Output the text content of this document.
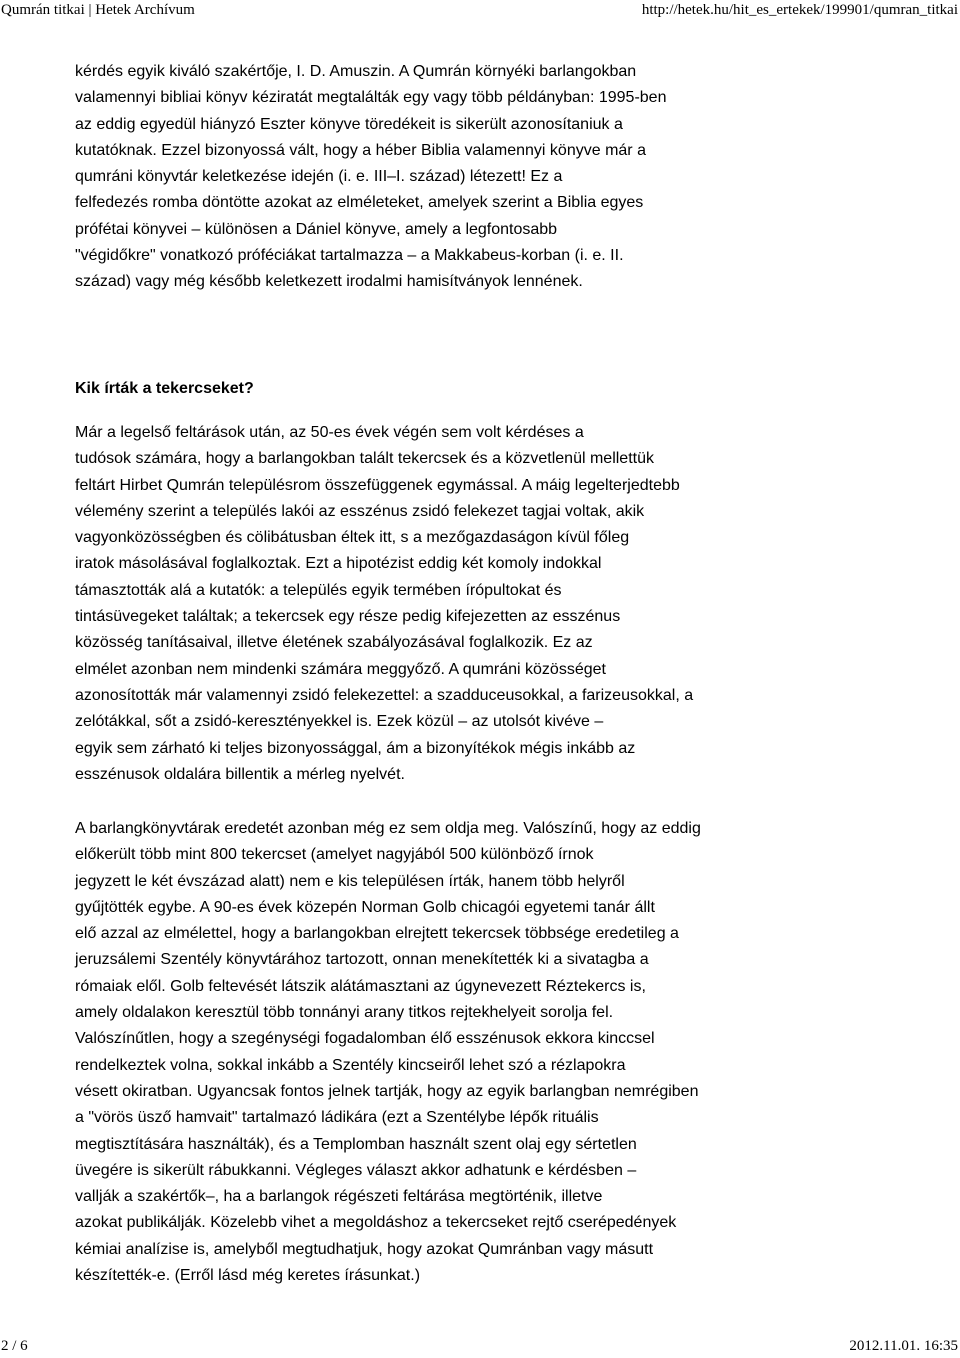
Qumrán titkai | Hetek Archívum	http://hetek.hu/hit_es_ertekek/199901/qumran_titkai
kérdés egyik kiváló szakértője, I. D. Amuszin. A Qumrán környéki barlangokban
valamennyi bibliai könyv kéziratát megtalálták egy vagy több példányban: 1995-ben
az eddig egyedül hiányzó Eszter könyve töredékeit is sikerült azonosítaniuk a
kutatóknak. Ezzel bizonyossá vált, hogy a héber Biblia valamennyi könyve már a
qumráni könyvtár keletkezése idején (i. e. III–I. század) létezett! Ez a
felfedezés romba döntötte azokat az elméleteket, amelyek szerint a Biblia egyes
prófétai könyvei – különösen a Dániel könyve, amely a legfontosabb
"végidőkre" vonatkozó próféciákat tartalmazza – a Makkabeus-korban (i. e. II.
század) vagy még később keletkezett irodalmi hamisítványok lennének.
Kik írták a tekercseket?
Már a legelső feltárások után, az 50-es évek végén sem volt kérdéses a
tudósok számára, hogy a barlangokban talált tekercsek és a közvetlenül mellettük
feltárt Hirbet Qumrán településrom összefüggenek egymással. A máig legelterjedtebb
vélemény szerint a település lakói az esszénus zsidó felekezet tagjai voltak, akik
vagyonközösségben és cölibátusban éltek itt, s a mezőgazdaságon kívül főleg
iratok másolásával foglalkoztak. Ezt a hipotézist eddig két komoly indokkal
támasztották alá a kutatók: a település egyik termében írópultokat és
tintásüvegeket találtak; a tekercsek egy része pedig kifejezetten az esszénus
közösség tanításaival, illetve életének szabályozásával foglalkozik. Ez az
elmélet azonban nem mindenki számára meggyőző. A qumráni közösséget
azonosították már valamennyi zsidó felekezettel: a szadduceusokkal, a farizeusokkal, a
zelótákkal, sőt a zsidó-keresztényekkel is. Ezek közül – az utolsót kivéve –
egyik sem zárható ki teljes bizonyossággal, ám a bizonyítékok mégis inkább az
esszénusok oldalára billentik a mérleg nyelvét.
A barlangkönyvtárak eredetét azonban még ez sem oldja meg. Valószínű, hogy az eddig
előkerült több mint 800 tekercset (amelyet nagyjából 500 különböző írnok
jegyzett le két évszázad alatt) nem e kis településen írták, hanem több helyről
gyűjtötték egybe. A 90-es évek közepén Norman Golb chicagói egyetemi tanár állt
elő azzal az elmélettel, hogy a barlangokban elrejtett tekercsek többsége eredetileg a
jeruzsálemi Szentély könyvtárához tartozott, onnan menekítették ki a sivatagba a
rómaiak elől. Golb feltevését látszik alátámasztani az úgynevezett Réztekercs is,
amely oldalakon keresztül több tonnányi arany titkos rejtekhelyeit sorolja fel.
Valószínűtlen, hogy a szegénységi fogadalomban élő esszénusok ekkora kinccsel
rendelkeztek volna, sokkal inkább a Szentély kincseiről lehet szó a rézlapokra
vésett okiratban. Ugyancsak fontos jelnek tartják, hogy az egyik barlangban nemrégiben
a "vörös üsző hamvait" tartalmazó ládikára (ezt a Szentélybe lépők rituális
megtisztítására használták), és a Templomban használt szent olaj egy sértetlen
üvegére is sikerült rábukkanni. Végleges választ akkor adhatunk e kérdésben –
vallják a szakértők–, ha a barlangok régészeti feltárása megtörténik, illetve
azokat publikálják. Közelebb vihet a megoldáshoz a tekercseket rejtő cserépedények
kémiai analízise is, amelyből megtudhatjuk, hogy azokat Qumránban vagy másutt
készítették-e. (Erről lásd még keretes írásunkat.)
2 / 6	2012.11.01. 16:35
